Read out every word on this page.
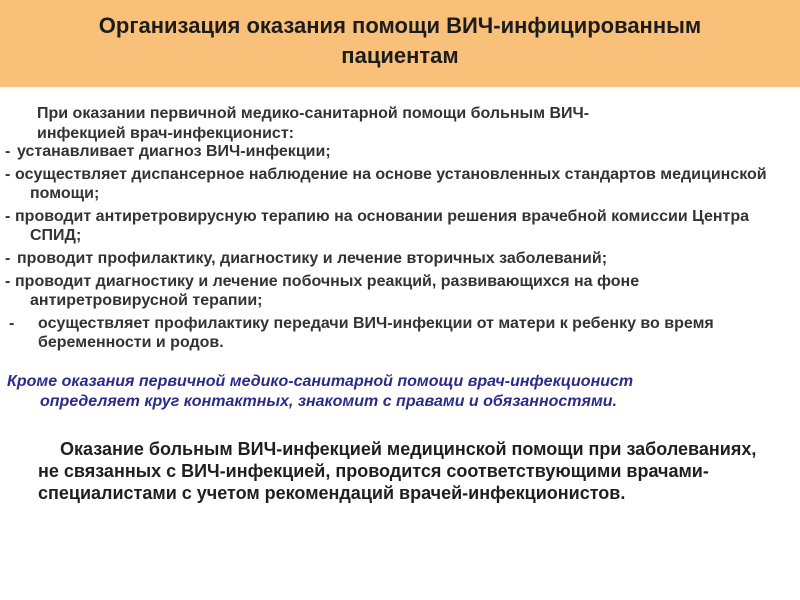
Организация оказания помощи ВИЧ-инфицированным
пациентам

При оказании первичной медико-санитарной помощи больным ВИЧ-
инфекцией врач-инфекционист:

- устанавливает диагноз ВИЧ-инфекции;
- осуществляет диспансерное наблюдение на основе установленных стандартов медицинской помощи;
- проводит антиретровирусную терапию на основании решения врачебной комиссии Центра СПИД;
- проводит профилактику, диагностику и лечение вторичных заболеваний;
- проводит диагностику и лечение побочных реакций, развивающихся на фоне антиретровирусной терапии;
-	осуществляет профилактику передачи ВИЧ-инфекции от матери к ребенку во время беременности и родов.

Кроме оказания первичной медико-санитарной помощи врач-инфекционист
определяет круг контактных, знакомит с правами и обязанностями.

Оказание больным ВИЧ-инфекцией медицинской помощи при заболеваниях, не связанных с ВИЧ-инфекцией, проводится соответствующими врачами-специалистами с учетом рекомендаций врачей-инфекционистов.
